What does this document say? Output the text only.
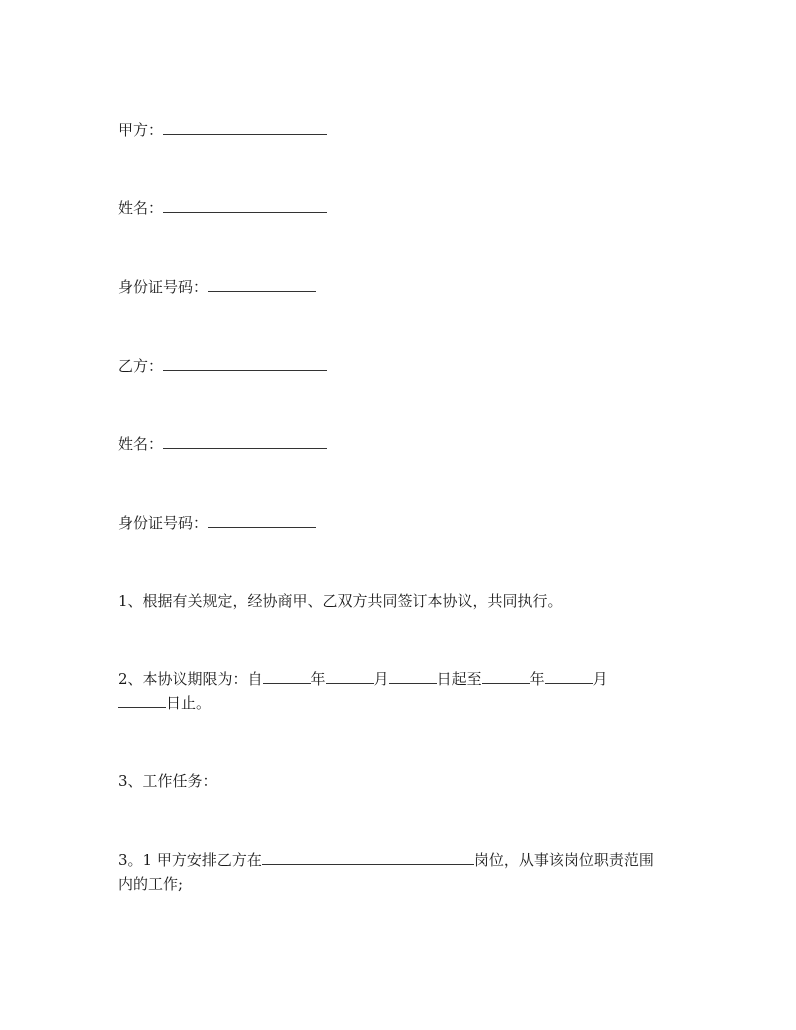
甲方：
姓名：
身份证号码：
乙方：
姓名：
身份证号码：
1、根据有关规定，经协商甲、乙双方共同签订本协议，共同执行。
2、本协议期限为：自	年	月	日起至	年	月
日止。
3、工作任务：
3。1 甲方安排乙方在	岗位，从事该岗位职责范围
内的工作;
